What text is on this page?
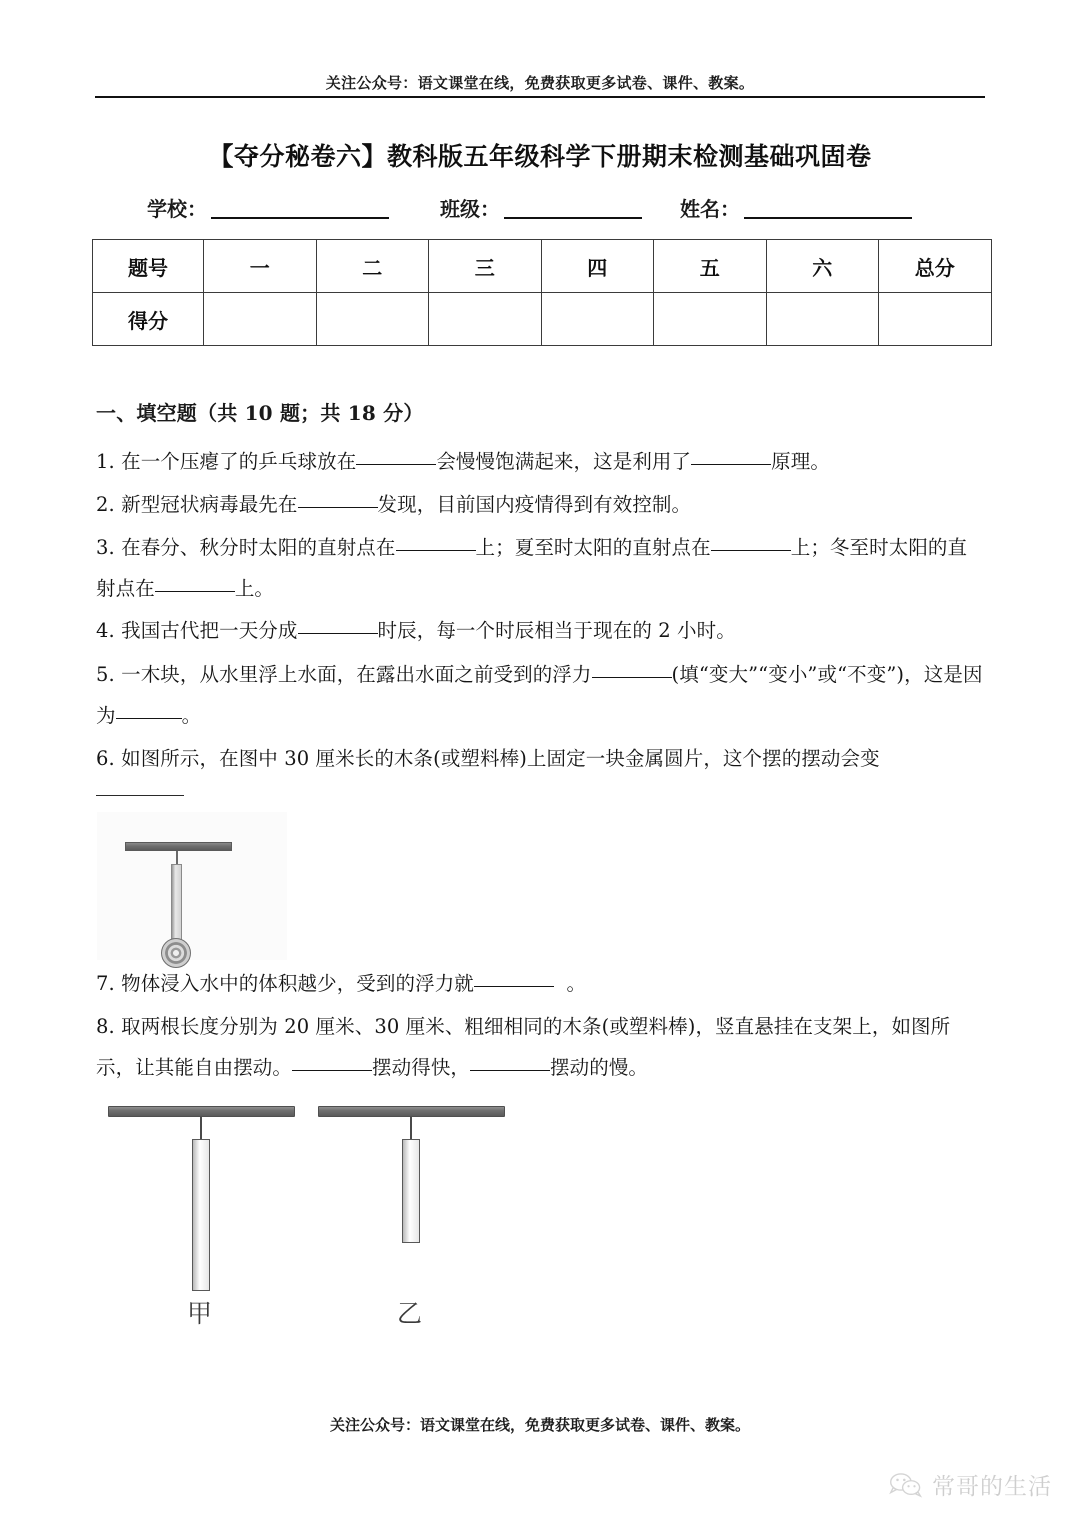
关注公众号：语文课堂在线，免费获取更多试卷、课件、教案。
【夺分秘卷六】教科版五年级科学下册期末检测基础巩固卷
学校：	班级：	姓名：
题号	一	二	三	四	五	六	总分
得分							
一、填空题（共 10 题；共 18 分）
1. 在一个压瘪了的乒乓球放在	会慢慢饱满起来，这是利用了	原理。
2. 新型冠状病毒最先在	发现，目前国内疫情得到有效控制。
3. 在春分、秋分时太阳的直射点在	上；夏至时太阳的直射点在	上；冬至时太阳的直射点在	上。
4. 我国古代把一天分成	时辰，每一个时辰相当于现在的 2 小时。
5. 一木块，从水里浮上水面，在露出水面之前受到的浮力	(填“变大”“变小”或“不变”)，这是因为	。
6. 如图所示，在图中 30 厘米长的木条(或塑料棒)上固定一块金属圆片，这个摆的摆动会变
7. 物体浸入水中的体积越少，受到的浮力就	。
8. 取两根长度分别为 20 厘米、30 厘米、粗细相同的木条(或塑料棒)，竖直悬挂在支架上，如图所示，让其能自由摆动。	摆动得快，	摆动的慢。
甲	乙
关注公众号：语文课堂在线，免费获取更多试卷、课件、教案。
常哥的生活
